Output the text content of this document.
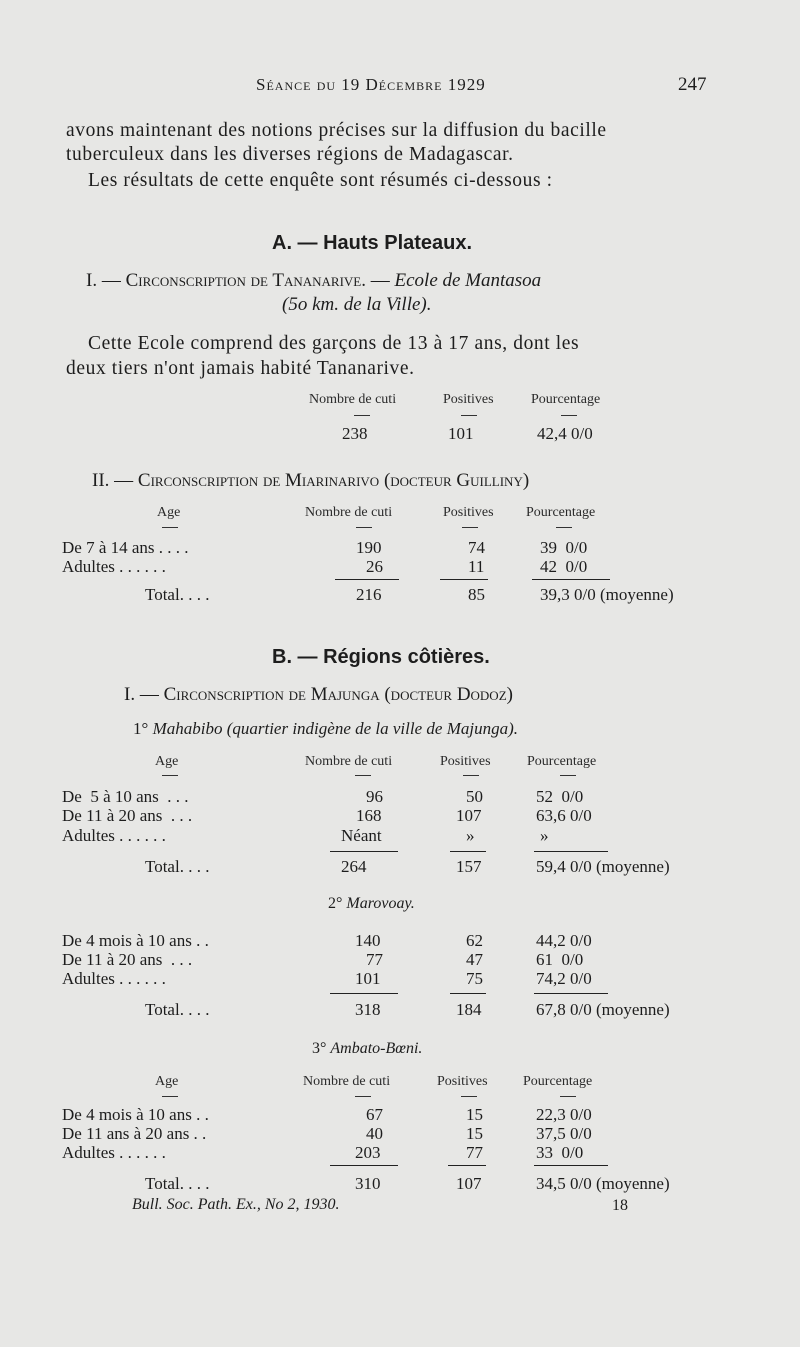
Séance du 19 Décembre 1929	247
avons maintenant des notions précises sur la diffusion du bacille
tuberculeux dans les diverses régions de Madagascar.
Les résultats de cette enquête sont résumés ci-dessous :
A. — Hauts Plateaux.
I. — Circonscription de Tananarive. — Ecole de Mantasoa
(5o km. de la Ville).
Cette Ecole comprend des garçons de 13 à 17 ans, dont les
deux tiers n'ont jamais habité Tananarive.
Nombre de cuti	Positives	Pourcentage
238	101	42,4 0/0
II. — Circonscription de Miarinarivo (docteur Guilliny)
Age	Nombre de cuti	Positives Pourcentage
De 7 à 14 ans . . . .	190	74	39  0/0
Adultes . . . . . .	26	11	42  0/0
Total. . . .	216	85	39,3 0/0 (moyenne)
B. — Régions côtières.
I. — Circonscription de Majunga (docteur Dodoz)
1° Mahabibo (quartier indigène de la ville de Majunga).
Age	Nombre de cuti	Positives	Pourcentage
De  5 à 10 ans  . . .	96	50	52  0/0
De 11 à 20 ans  . . .	168	107	63,6 0/0
Adultes . . . . . .	Néant	»	»
Total. . . .	264	157	59,4 0/0 (moyenne)
2° Marovoay.
De 4 mois à 10 ans . .	140	62	44,2 0/0
De 11 à 20 ans  . . .	77	47	61  0/0
Adultes . . . . . .	101	75	74,2 0/0
Total. . . .	318	184	67,8 0/0 (moyenne)
3° Ambato-Bœni.
Age	Nombre de cuti	Positives	Pourcentage
De 4 mois à 10 ans . .	67	15	22,3 0/0
De 11 ans à 20 ans . .	40	15	37,5 0/0
Adultes . . . . . .	203	77	33  0/0
Total. . . .	310	107	34,5 0/0 (moyenne)
Bull. Soc. Path. Ex., No 2, 1930.	18
